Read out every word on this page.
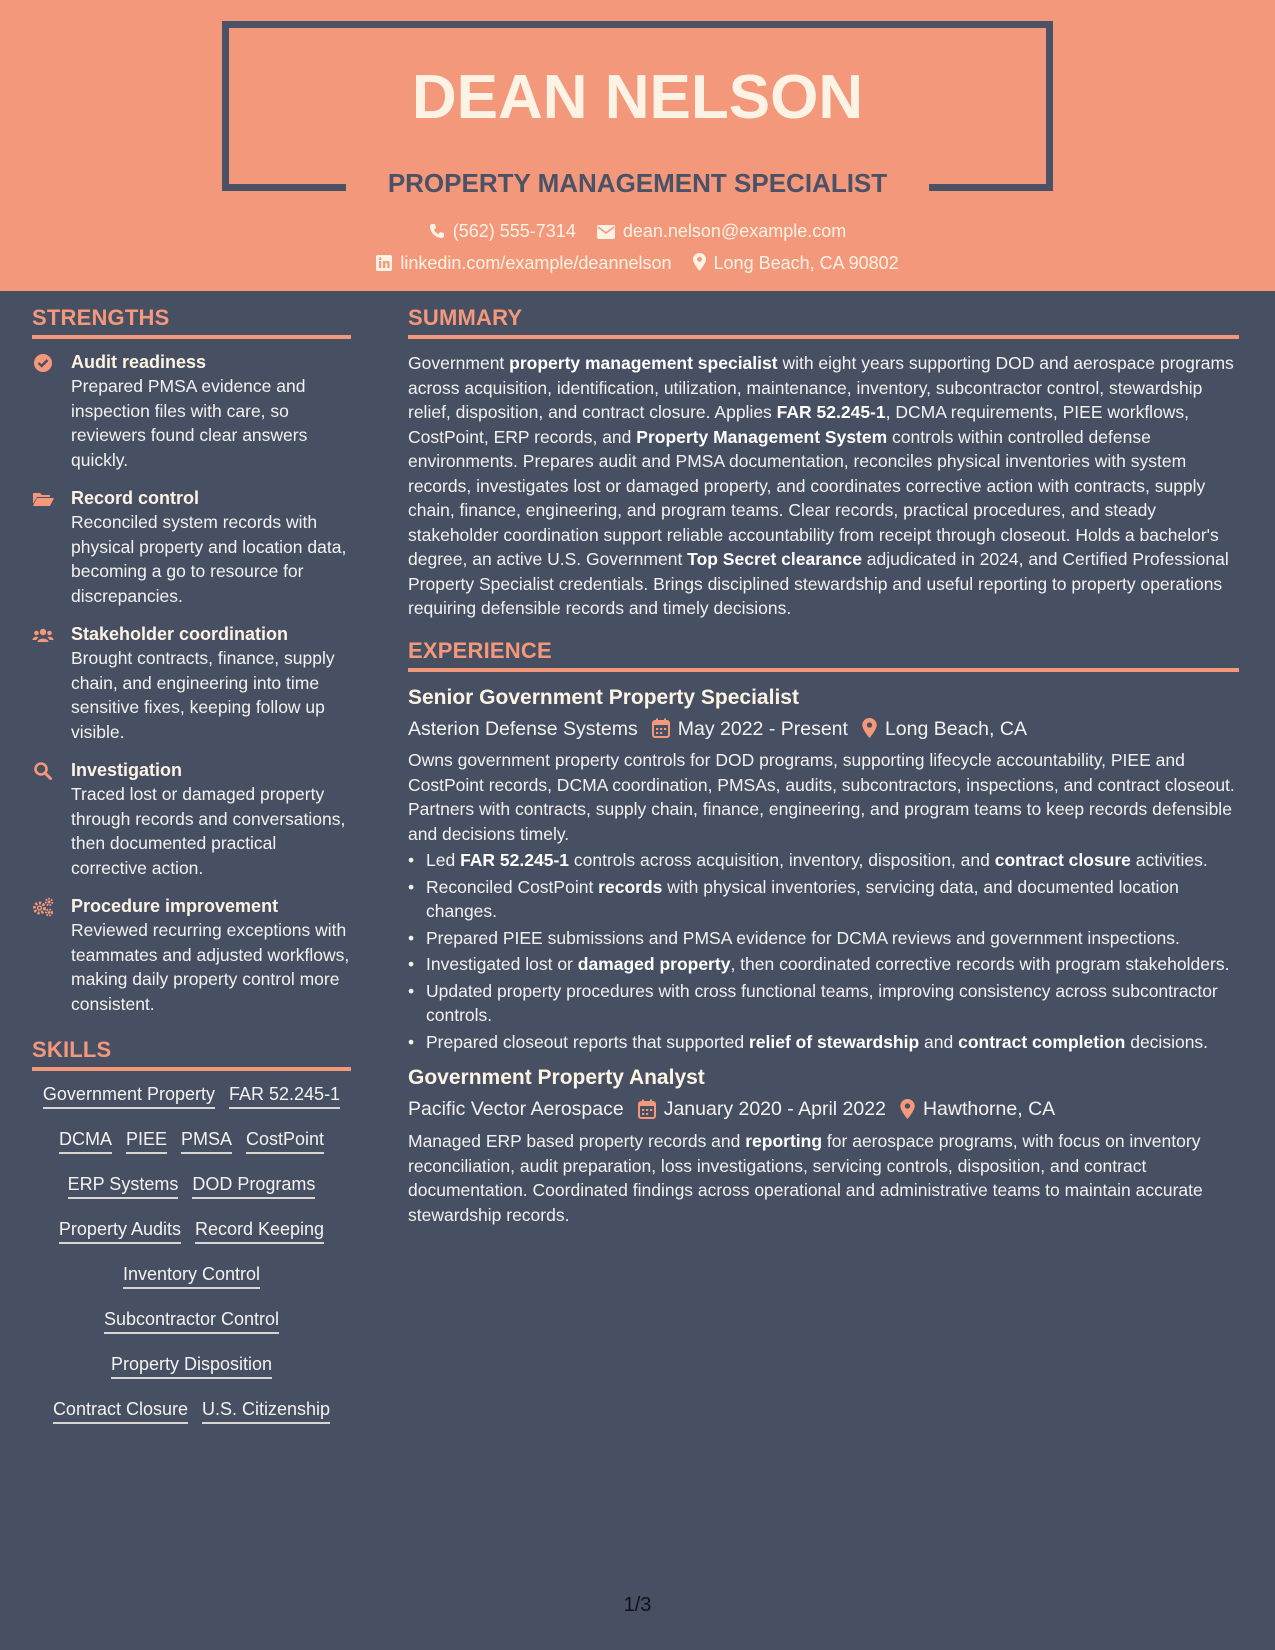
DEAN NELSON
PROPERTY MANAGEMENT SPECIALIST
(562) 555-7314	dean.nelson@example.com
linkedin.com/example/deannelson Long Beach, CA 90802
STRENGTHS
Audit readiness
Prepared PMSA evidence and inspection files with care, so reviewers found clear answers quickly.
Record control
Reconciled system records with physical property and location data, becoming a go to resource for discrepancies.
Stakeholder coordination
Brought contracts, finance, supply chain, and engineering into time sensitive fixes, keeping follow up visible.
Investigation
Traced lost or damaged property through records and conversations, then documented practical corrective action.
Procedure improvement
Reviewed recurring exceptions with teammates and adjusted workflows, making daily property control more consistent.
SKILLS
Government Property FAR 52.245-1
DCMA PIEE PMSA CostPoint
ERP Systems DOD Programs
Property Audits Record Keeping
Inventory Control
Subcontractor Control
Property Disposition
Contract Closure U.S. Citizenship
SUMMARY

Government property management specialist with eight years supporting DOD and aerospace programs across acquisition, identification, utilization, maintenance, inventory, subcontractor control, stewardship relief, disposition, and contract closure. Applies FAR 52.245-1, DCMA requirements, PIEE workflows, CostPoint, ERP records, and Property Management System controls within controlled defense environments. Prepares audit and PMSA documentation, reconciles physical inventories with system records, investigates lost or damaged property, and coordinates corrective action with contracts, supply chain, finance, engineering, and program teams. Clear records, practical procedures, and steady stakeholder coordination support reliable accountability from receipt through closeout. Holds a bachelor's degree, an active U.S. Government Top Secret clearance adjudicated in 2024, and Certified Professional Property Specialist credentials. Brings disciplined stewardship and useful reporting to property operations requiring defensible records and timely decisions.

EXPERIENCE
Senior Government Property Specialist
Asterion Defense Systems May 2022 - Present Long Beach, CA

Owns government property controls for DOD programs, supporting lifecycle accountability, PIEE and CostPoint records, DCMA coordination, PMSAs, audits, subcontractors, inspections, and contract closeout. Partners with contracts, supply chain, finance, engineering, and program teams to keep records defensible and decisions timely.

• Led FAR 52.245-1 controls across acquisition, inventory, disposition, and contract closure activities.
• Reconciled CostPoint records with physical inventories, servicing data, and documented location changes.
• Prepared PIEE submissions and PMSA evidence for DCMA reviews and government inspections.
• Investigated lost or damaged property, then coordinated corrective records with program stakeholders.
• Updated property procedures with cross functional teams, improving consistency across subcontractor controls.
• Prepared closeout reports that supported relief of stewardship and contract completion decisions.
Government Property Analyst
Pacific Vector Aerospace January 2020 - April 2022 Hawthorne, CA

Managed ERP based property records and reporting for aerospace programs, with focus on inventory reconciliation, audit preparation, loss investigations, servicing controls, disposition, and contract documentation. Coordinated findings across operational and administrative teams to maintain accurate stewardship records.

1/3
